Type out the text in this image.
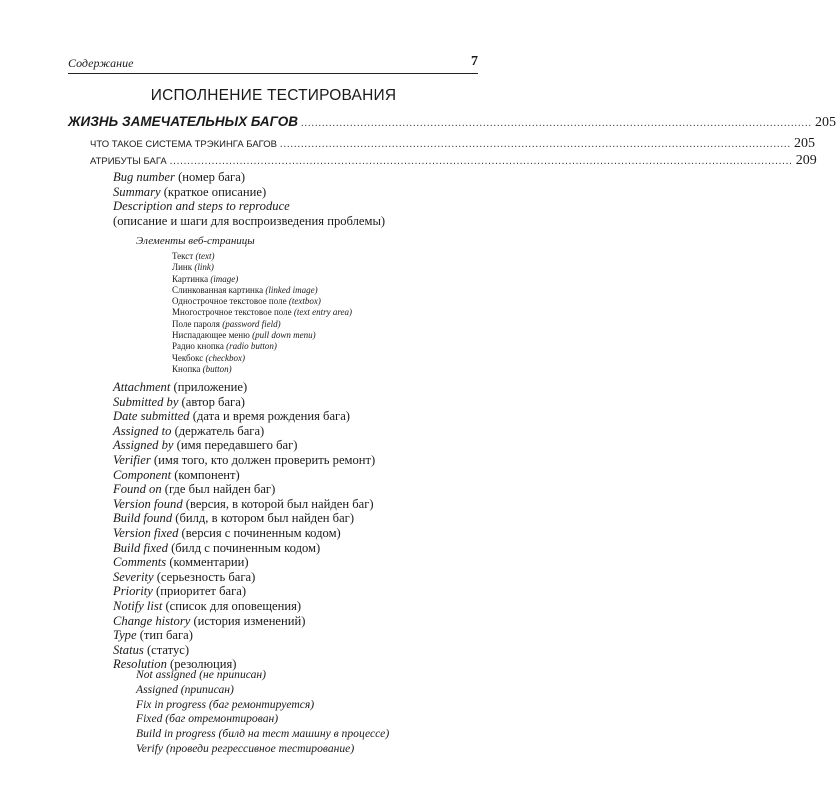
Содержание	7
ИСПОЛНЕНИЕ ТЕСТИРОВАНИЯ
ЖИЗНЬ ЗАМЕЧАТЕЛЬНЫХ БАГОВ .................................................................................................................................................. 205
ЧТО ТАКОЕ СИСТЕМА ТРЭКИНГА БАГОВ .................................................................................................................................................. 205
АТРИБУТЫ БАГА .................................................................................................................................................................................. 209
Bug number (номер бага)
Summary (краткое описание)
Description and steps to reproduce
(описание и шаги для воспроизведения проблемы)
Элементы веб-страницы
Текст (text)
Линк (link)
Картинка (image)
Слинкованная картинка (linked image)
Однострочное текстовое поле (textbox)
Многострочное текстовое поле (text entry area)
Поле пароля (password field)
Ниспадающее меню (pull down menu)
Радио кнопка (radio button)
Чекбокс (checkbox)
Кнопка (button)
Attachment (приложение)
Submitted by (автор бага)
Date submitted (дата и время рождения бага)
Assigned to (держатель бага)
Assigned by (имя передавшего баг)
Verifier (имя того, кто должен проверить ремонт)
Component (компонент)
Found on (где был найден баг)
Version found (версия, в которой был найден баг)
Build found (билд, в котором был найден баг)
Version fixed (версия с починенным кодом)
Build fixed (билд с починенным кодом)
Comments (комментарии)
Severity (серьезность бага)
Priority (приоритет бага)
Notify list (список для оповещения)
Change history (история изменений)
Type (тип бага)
Status (статус)
Resolution (резолюция)
Not assigned (не приписан)
Assigned (приписан)
Fix in progress (баг ремонтируется)
Fixed (баг отремонтирован)
Build in progress (билд на тест машину в процессе)
Verify (проведи регрессивное тестирование)
